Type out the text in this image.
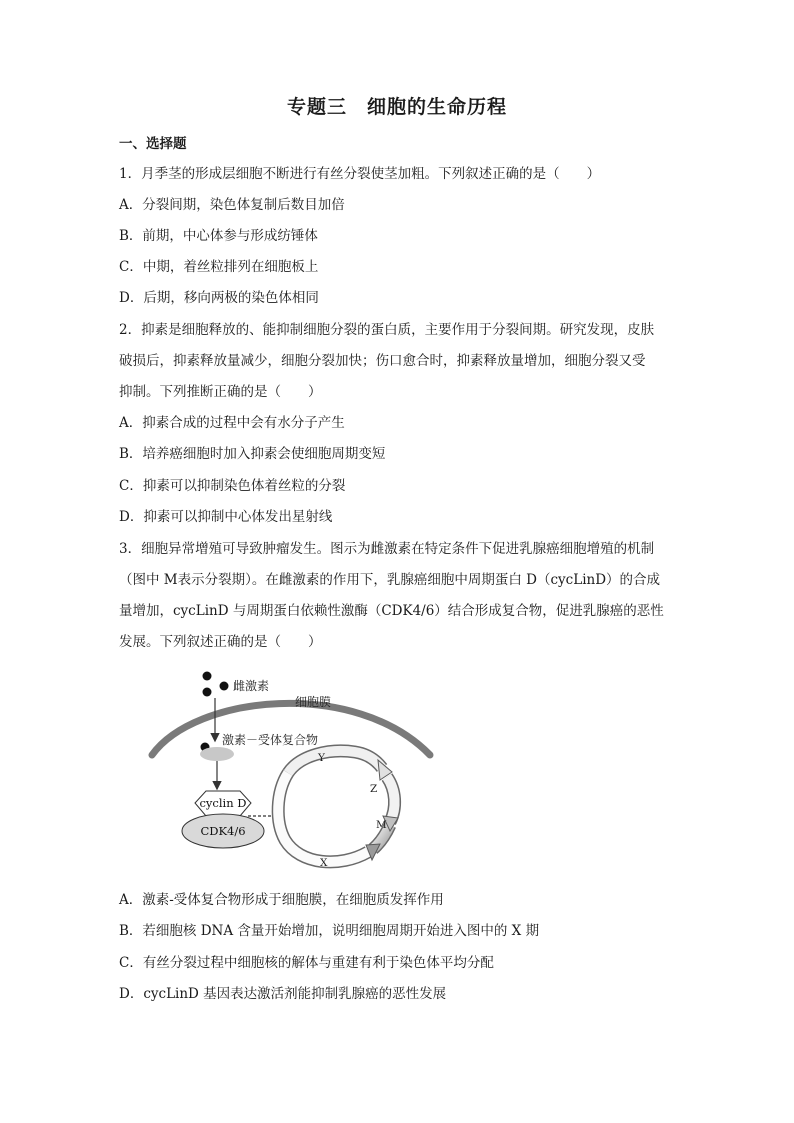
专题三　细胞的生命历程
一、选择题
1．月季茎的形成层细胞不断进行有丝分裂使茎加粗。下列叙述正确的是（　　）
A．分裂间期，染色体复制后数目加倍
B．前期，中心体参与形成纺锤体
C．中期，着丝粒排列在细胞板上
D．后期，移向两极的染色体相同
2．抑素是细胞释放的、能抑制细胞分裂的蛋白质，主要作用于分裂间期。研究发现，皮肤
破损后，抑素释放量减少，细胞分裂加快；伤口愈合时，抑素释放量增加，细胞分裂又受
抑制。下列推断正确的是（　　）
A．抑素合成的过程中会有水分子产生
B．培养癌细胞时加入抑素会使细胞周期变短
C．抑素可以抑制染色体着丝粒的分裂
D．抑素可以抑制中心体发出星射线
3．细胞异常增殖可导致肿瘤发生。图示为雌激素在特定条件下促进乳腺癌细胞增殖的机制
（图中 M表示分裂期）。在雌激素的作用下，乳腺癌细胞中周期蛋白 D（cycLinD）的合成
量增加，cycLinD 与周期蛋白依赖性激酶（CDK4/6）结合形成复合物，促进乳腺癌的恶性
发展。下列叙述正确的是（　　）
雌激素
细胞膜
激素－受体复合物
cyclin D
CDK4/6
Y
Z
M
X
A．激素-受体复合物形成于细胞膜，在细胞质发挥作用
B．若细胞核 DNA 含量开始增加，说明细胞周期开始进入图中的 X 期
C．有丝分裂过程中细胞核的解体与重建有利于染色体平均分配
D．cycLinD 基因表达激活剂能抑制乳腺癌的恶性发展
